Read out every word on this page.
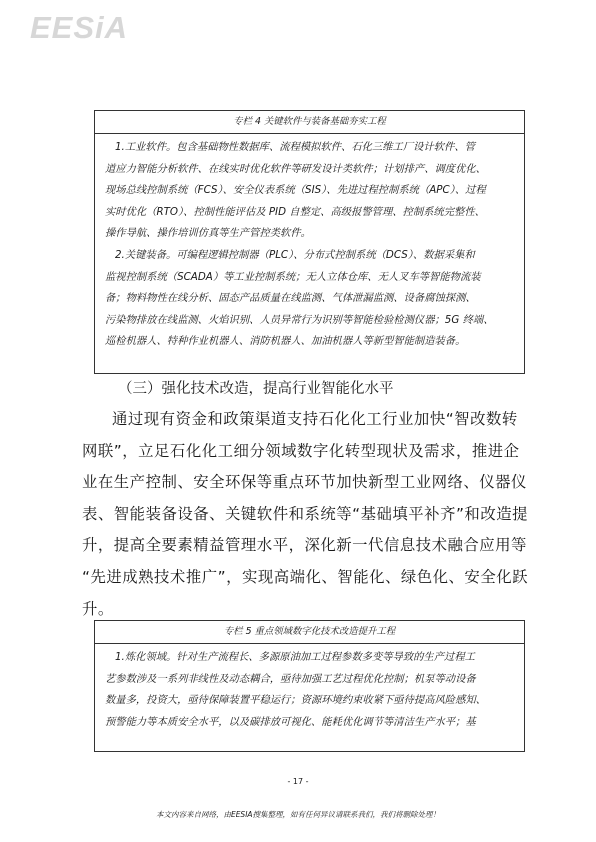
EESiA
专栏 4 关键软件与装备基础夯实工程

1.工业软件。包含基础物性数据库、流程模拟软件、石化三维工厂设计软件、管

道应力智能分析软件、在线实时优化软件等研发设计类软件；计划排产、调度优化、

现场总线控制系统（FCS）、安全仪表系统（SIS）、先进过程控制系统（APC）、过程

实时优化（RTO）、控制性能评估及 PID 自整定、高级报警管理、控制系统完整性、

操作导航、操作培训仿真等生产管控类软件。

2.关键装备。可编程逻辑控制器（PLC）、分布式控制系统（DCS）、数据采集和

监视控制系统（SCADA）等工业控制系统；无人立体仓库、无人叉车等智能物流装

备；物料物性在线分析、固态产品质量在线监测、气体泄漏监测、设备腐蚀探测、

污染物排放在线监测、火焰识别、人员异常行为识别等智能检验检测仪器；5G 终端、

巡检机器人、特种作业机器人、消防机器人、加油机器人等新型智能制造装备。

（三）强化技术改造，提高行业智能化水平
通过现有资金和政策渠道支持石化化工行业加快“智改数转
网联”，立足石化化工细分领域数字化转型现状及需求，推进企
业在生产控制、安全环保等重点环节加快新型工业网络、仪器仪
表、智能装备设备、关键软件和系统等“基础填平补齐”和改造提
升，提高全要素精益管理水平，深化新一代信息技术融合应用等
“先进成熟技术推广”，实现高端化、智能化、绿色化、安全化跃
升。
专栏 5 重点领域数字化技术改造提升工程

1.炼化领域。针对生产流程长、多源原油加工过程参数多变等导致的生产过程工

艺参数涉及一系列非线性及动态耦合，亟待加强工艺过程优化控制；机泵等动设备

数量多，投资大，亟待保障装置平稳运行；资源环境约束收紧下亟待提高风险感知、

预警能力等本质安全水平，以及碳排放可视化、能耗优化调节等清洁生产水平；基

- 17 -
本文内容来自网络，由EESIA搜集整理，如有任何异议请联系我们，我们将删除处理！
